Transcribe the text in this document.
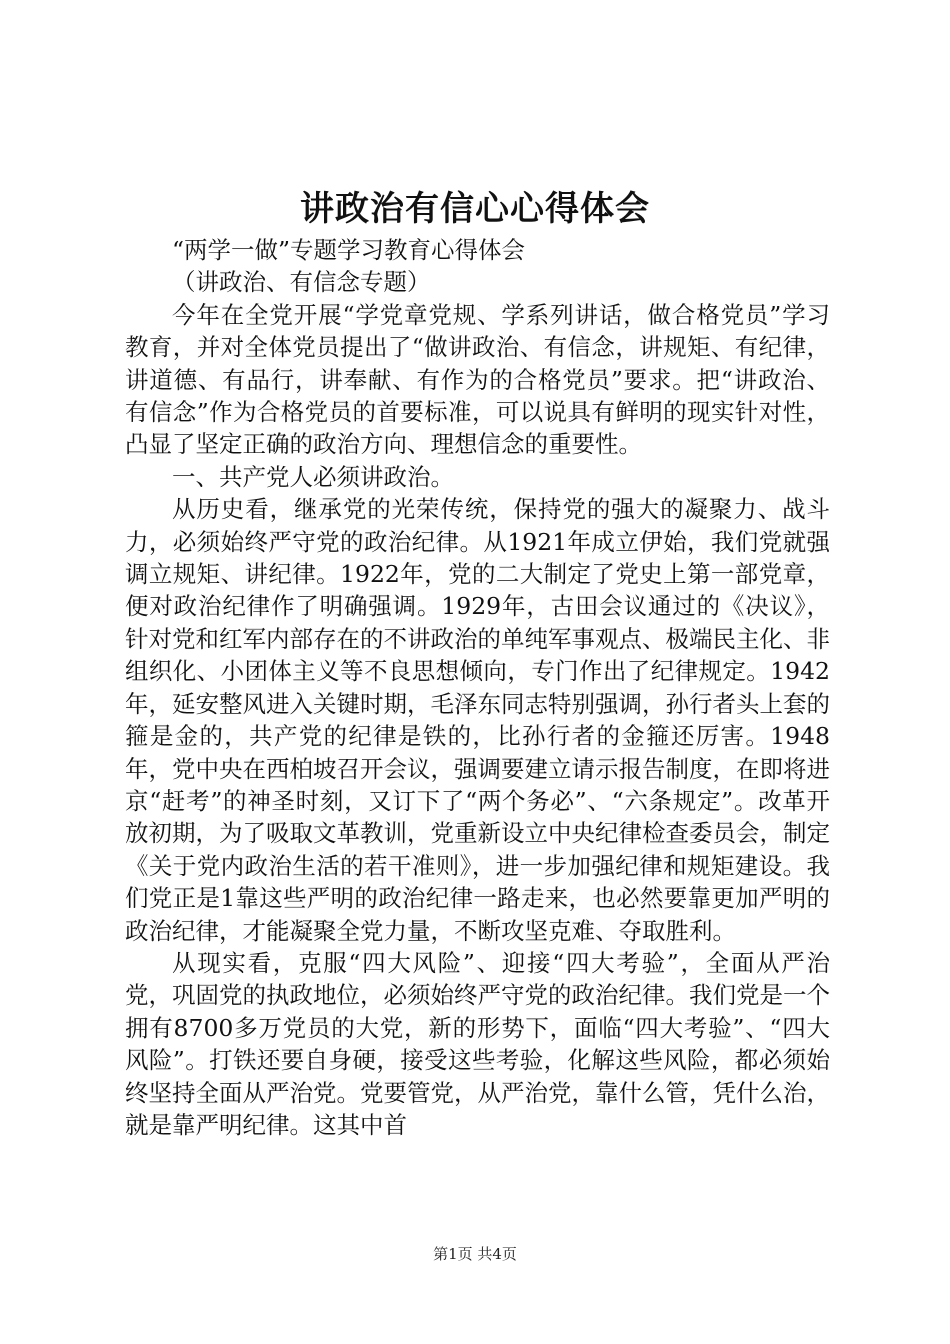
讲政治有信心心得体会

“两学一做”专题学习教育心得体会

（讲政治、有信念专题）

今年在全党开展“学党章党规、学系列讲话，做合格党员”学习教育，并对全体党员提出了“做讲政治、有信念，讲规矩、有纪律，讲道德、有品行，讲奉献、有作为的合格党员”要求。把“讲政治、有信念”作为合格党员的首要标准，可以说具有鲜明的现实针对性，凸显了坚定正确的政治方向、理想信念的重要性。

一、共产党人必须讲政治。

从历史看，继承党的光荣传统，保持党的强大的凝聚力、战斗力，必须始终严守党的政治纪律。从1921年成立伊始，我们党就强调立规矩、讲纪律。1922年，党的二大制定了党史上第一部党章，便对政治纪律作了明确强调。1929年，古田会议通过的《决议》，针对党和红军内部存在的不讲政治的单纯军事观点、极端民主化、非组织化、小团体主义等不良思想倾向，专门作出了纪律规定。1942年，延安整风进入关键时期，毛泽东同志特别强调，孙行者头上套的箍是金的，共产党的纪律是铁的，比孙行者的金箍还厉害。1948年，党中央在西柏坡召开会议，强调要建立请示报告制度，在即将进京“赶考”的神圣时刻，又订下了“两个务必”、“六条规定”。改革开放初期，为了吸取文革教训，党重新设立中央纪律检查委员会，制定《关于党内政治生活的若干准则》，进一步加强纪律和规矩建设。我们党正是1靠这些严明的政治纪律一路走来，也必然要靠更加严明的政治纪律，才能凝聚全党力量，不断攻坚克难、夺取胜利。

从现实看，克服“四大风险”、迎接“四大考验”，全面从严治党，巩固党的执政地位，必须始终严守党的政治纪律。我们党是一个拥有8700多万党员的大党，新的形势下，面临“四大考验”、“四大风险”。打铁还要自身硬，接受这些考验，化解这些风险，都必须始终坚持全面从严治党。党要管党，从严治党，靠什么管，凭什么治，就是靠严明纪律。这其中首

第1页 共4页
